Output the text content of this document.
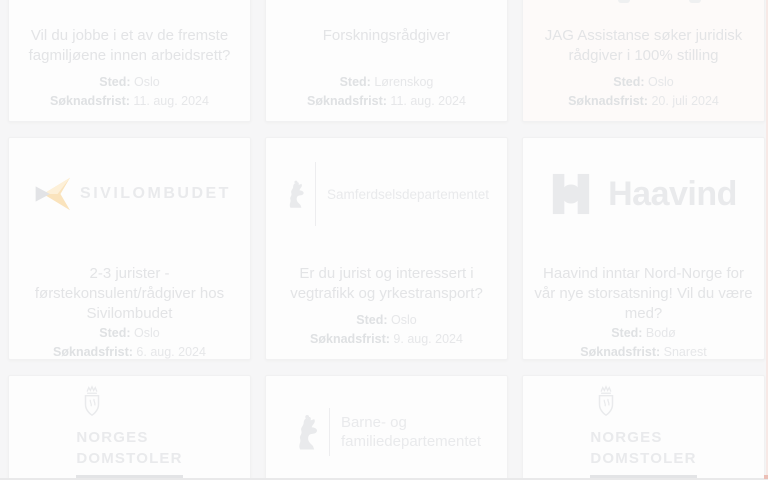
Vil du jobbe i et av de fremste fagmiljøene innen arbeidsrett?

Sted: Oslo

Søknadsfrist: 11. aug. 2024

Forskningsrådgiver

Sted: Lørenskog

Søknadsfrist: 11. aug. 2024

JAG Assistanse søker juridisk rådgiver i 100% stilling

Sted: Oslo

Søknadsfrist: 20. juli 2024

SIVILOMBUDET
2-3 jurister - førstekonsulent/rådgiver hos Sivilombudet

Sted: Oslo

Søknadsfrist: 6. aug. 2024

Samferdselsdepartementet
Er du jurist og interessert i vegtrafikk og yrkestransport?

Sted: Oslo

Søknadsfrist: 9. aug. 2024

Haavind
Haavind inntar Nord-Norge for vår nye storsatsning! Vil du være med?

Sted: Bodø

Søknadsfrist: Snarest

NORGES
DOMSTOLER
Barne- og
familiedepartementet	NORGES
DOMSTOLER
